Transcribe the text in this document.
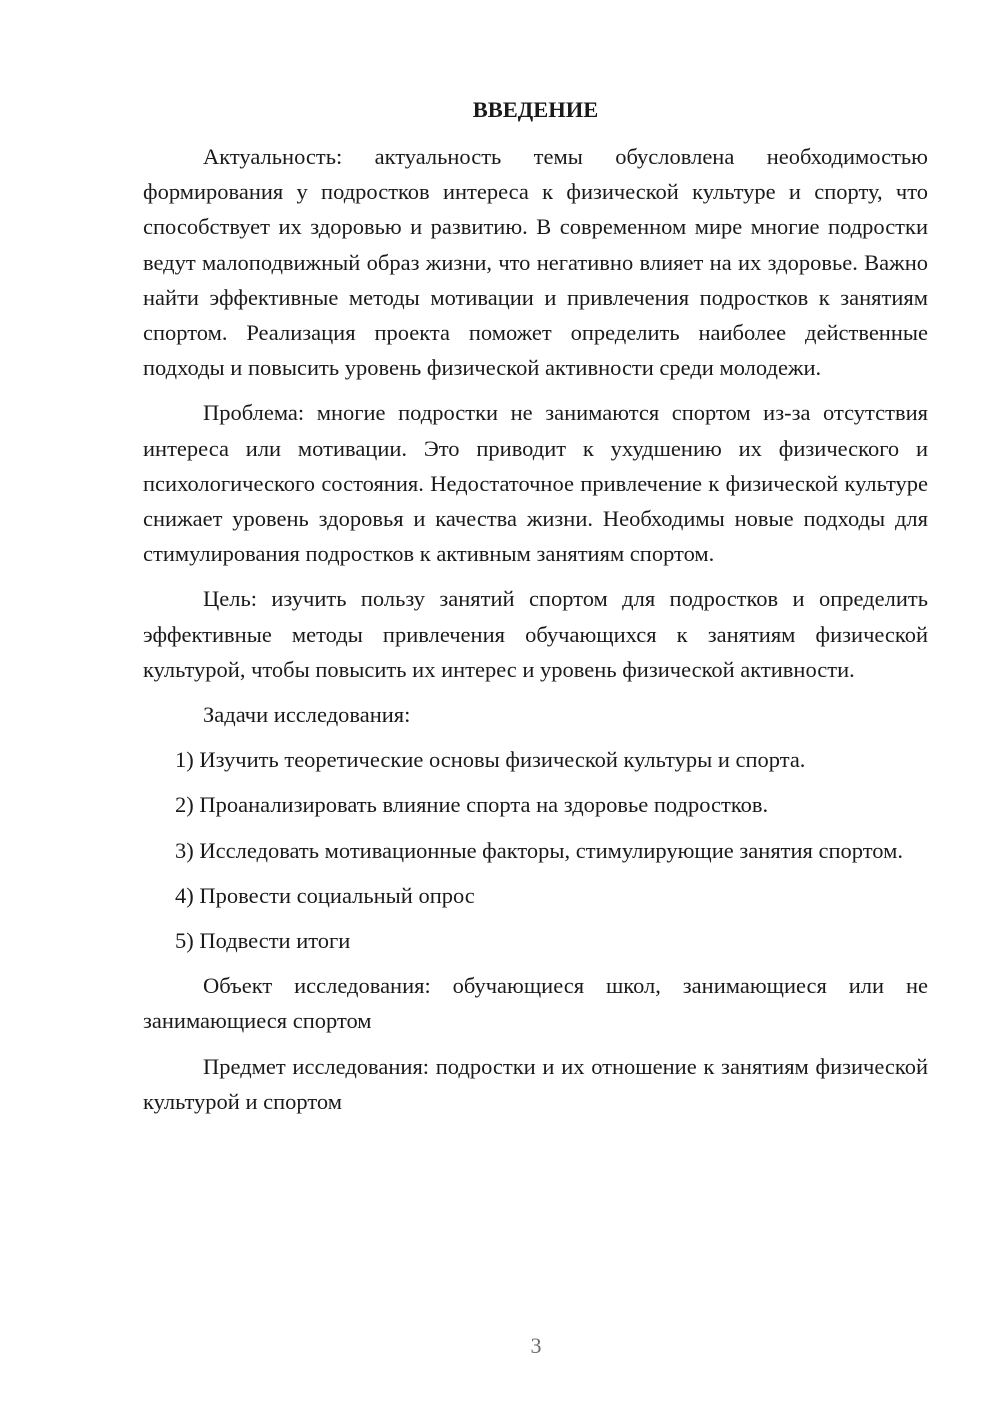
ВВЕДЕНИЕ

Актуальность: актуальность темы обусловлена необходимостью формирования у подростков интереса к физической культуре и спорту, что способствует их здоровью и развитию. В современном мире многие подростки ведут малоподвижный образ жизни, что негативно влияет на их здоровье. Важно найти эффективные методы мотивации и привлечения подростков к занятиям спортом. Реализация проекта поможет определить наиболее действенные подходы и повысить уровень физической активности среди молодежи.

Проблема: многие подростки не занимаются спортом из-за отсутствия интереса или мотивации. Это приводит к ухудшению их физического и психологического состояния. Недостаточное привлечение к физической культуре снижает уровень здоровья и качества жизни. Необходимы новые подходы для стимулирования подростков к активным занятиям спортом.

Цель: изучить пользу занятий спортом для подростков и определить эффективные методы привлечения обучающихся к занятиям физической культурой, чтобы повысить их интерес и уровень физической активности.

Задачи исследования:

1) Изучить теоретические основы физической культуры и спорта.

2) Проанализировать влияние спорта на здоровье подростков.

3) Исследовать мотивационные факторы, стимулирующие занятия спортом.

4) Провести социальный опрос

5) Подвести итоги

Объект исследования: обучающиеся школ, занимающиеся или не занимающиеся спортом

Предмет исследования: подростки и их отношение к занятиям физической культурой и спортом

3
